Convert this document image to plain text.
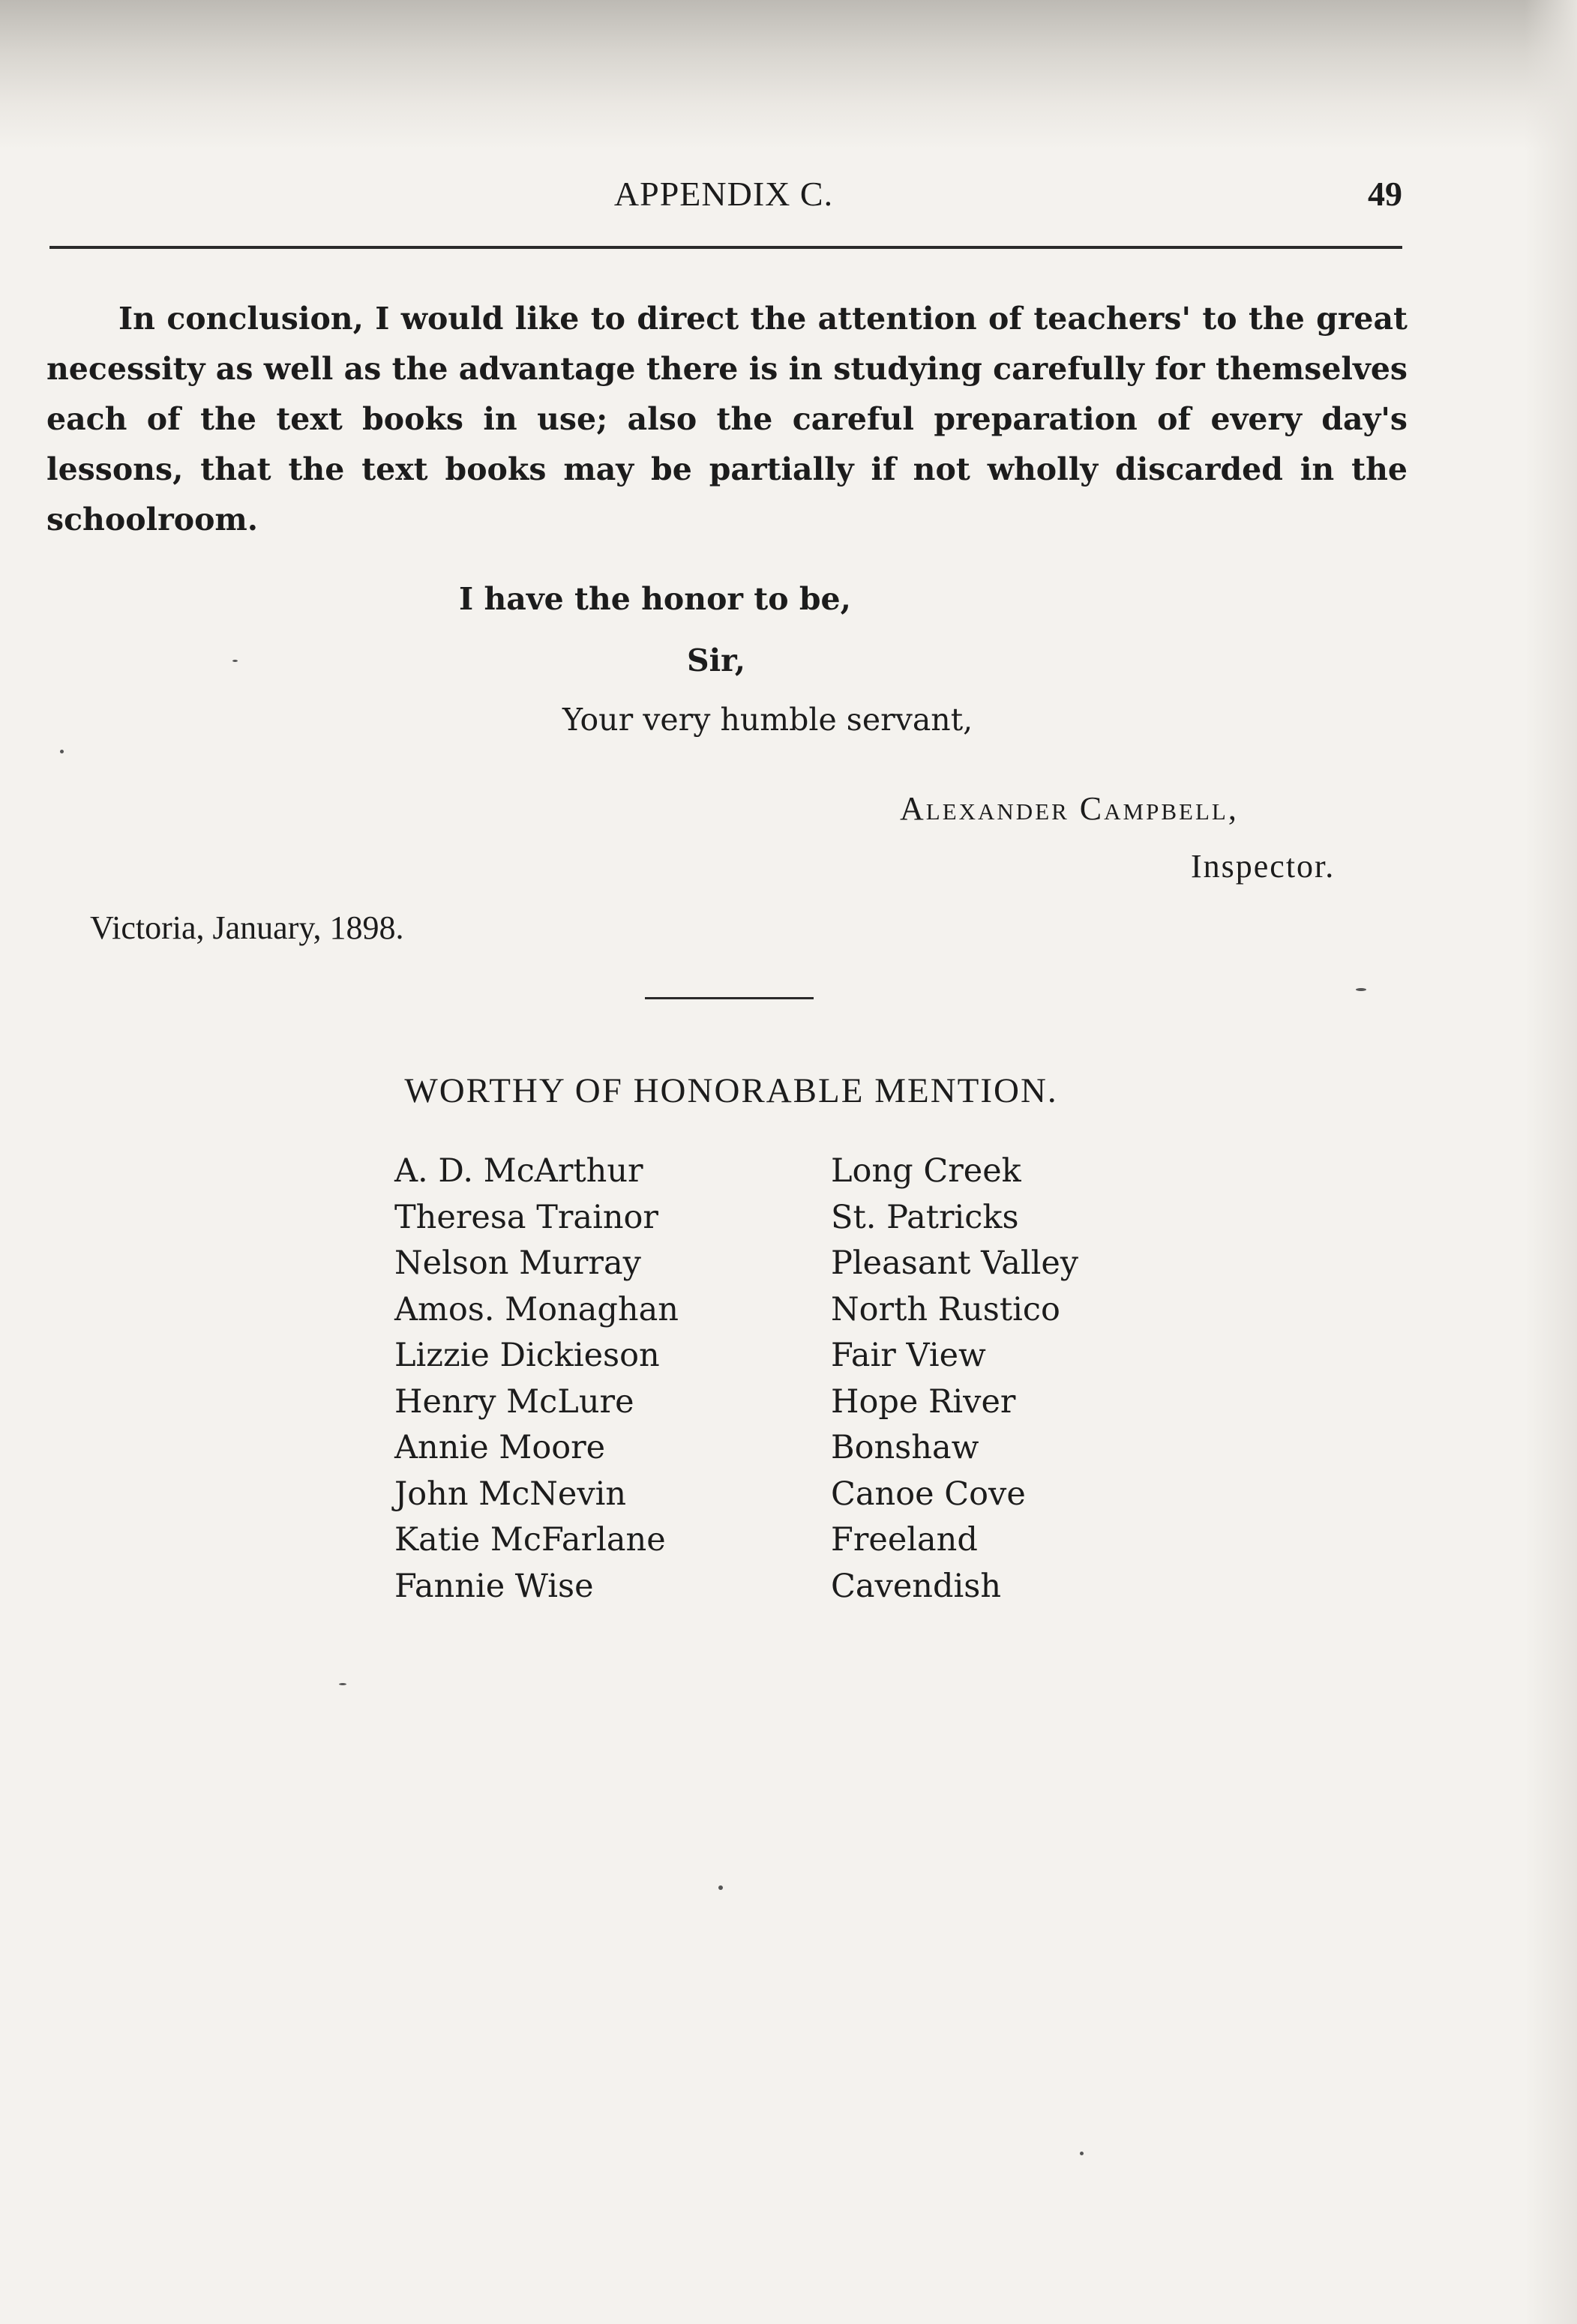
APPENDIX C.	49

In conclusion, I would like to direct the attention of teachers' to the great necessity as well as the advantage there is in studying carefully for themselves each of the text books in use; also the careful preparation of every day's lessons, that the text books may be partially if not wholly discarded in the schoolroom.

I have the honor to be,
Sir,
Your very humble servant,
Alexander Campbell,
Inspector.
Victoria, January, 1898.
WORTHY OF HONORABLE MENTION.
A. D. McArthur	Long Creek
Theresa Trainor	St. Patricks
Nelson Murray	Pleasant Valley
Amos. Monaghan	North Rustico
Lizzie Dickieson	Fair View
Henry McLure	Hope River
Annie Moore	Bonshaw
John McNevin	Canoe Cove
Katie McFarlane	Freeland
Fannie Wise	Cavendish
